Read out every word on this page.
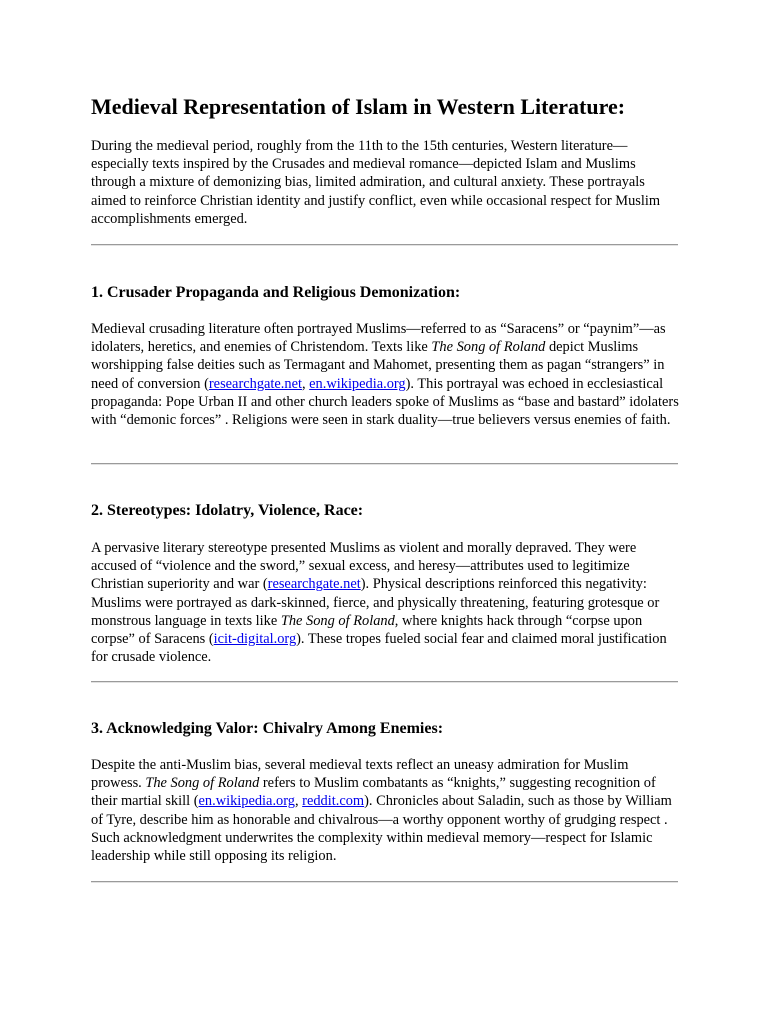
Medieval Representation of Islam in Western Literature:

During the medieval period, roughly from the 11th to the 15th centuries, Western literature—especially texts inspired by the Crusades and medieval romance—depicted Islam and Muslims through a mixture of demonizing bias, limited admiration, and cultural anxiety. These portrayals aimed to reinforce Christian identity and justify conflict, even while occasional respect for Muslim accomplishments emerged.

1. Crusader Propaganda and Religious Demonization:

Medieval crusading literature often portrayed Muslims—referred to as “Saracens” or “paynim”—as idolaters, heretics, and enemies of Christendom. Texts like The Song of Roland depict Muslims worshipping false deities such as Termagant and Mahomet, presenting them as pagan “strangers” in need of conversion (researchgate.net, en.wikipedia.org). This portrayal was echoed in ecclesiastical propaganda: Pope Urban II and other church leaders spoke of Muslims as “base and bastard” idolaters with “demonic forces” . Religions were seen in stark duality—true believers versus enemies of faith.

2. Stereotypes: Idolatry, Violence, Race:

A pervasive literary stereotype presented Muslims as violent and morally depraved. They were accused of “violence and the sword,” sexual excess, and heresy—attributes used to legitimize Christian superiority and war (researchgate.net). Physical descriptions reinforced this negativity: Muslims were portrayed as dark-skinned, fierce, and physically threatening, featuring grotesque or monstrous language in texts like The Song of Roland, where knights hack through “corpse upon corpse” of Saracens (icit-digital.org). These tropes fueled social fear and claimed moral justification for crusade violence.

3. Acknowledging Valor: Chivalry Among Enemies:

Despite the anti-Muslim bias, several medieval texts reflect an uneasy admiration for Muslim prowess. The Song of Roland refers to Muslim combatants as “knights,” suggesting recognition of their martial skill (en.wikipedia.org, reddit.com). Chronicles about Saladin, such as those by William of Tyre, describe him as honorable and chivalrous—a worthy opponent worthy of grudging respect . Such acknowledgment underwrites the complexity within medieval memory—respect for Islamic leadership while still opposing its religion.
